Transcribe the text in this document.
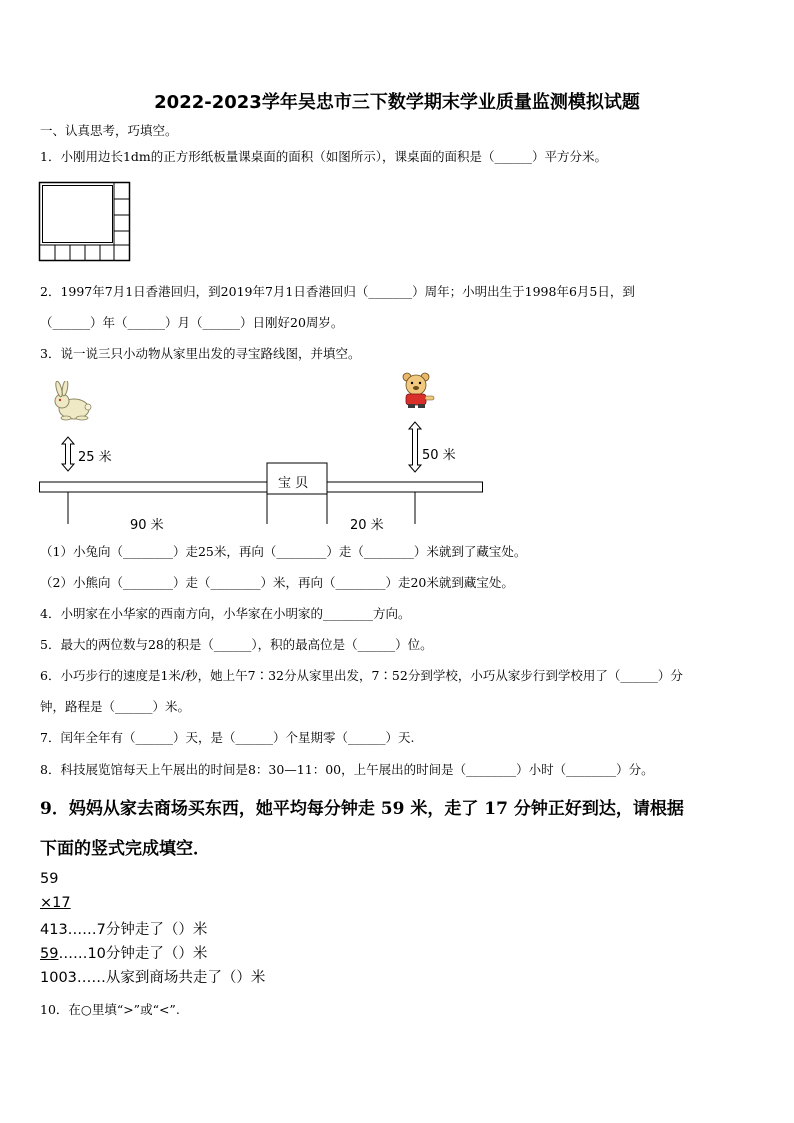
2022-2023学年吴忠市三下数学期末学业质量监测模拟试题
一、认真思考，巧填空。
1．小刚用边长1dm的正方形纸板量课桌面的面积（如图所示），课桌面的面积是（______）平方分米。
2．1997年7月1日香港回归，到2019年7月1日香港回归（_______）周年；小明出生于1998年6月5日，到
（______）年（______）月（______）日刚好20周岁。
3．说一说三只小动物从家里出发的寻宝路线图，并填空。
25 米	50 米
宝 贝
90 米	20 米
（1）小兔向（________）走25米，再向（________）走（________）米就到了藏宝处。
（2）小熊向（________）走（________）米，再向（________）走20米就到藏宝处。
4．小明家在小华家的西南方向，小华家在小明家的________方向。
5．最大的两位数与28的积是（______），积的最高位是（______）位。
6．小巧步行的速度是1米/秒，她上午7∶32分从家里出发，7∶52分到学校，小巧从家步行到学校用了（______）分
钟，路程是（______）米。
7．闰年全年有（______）天，是（______）个星期零（______）天.
8．科技展览馆每天上午展出的时间是8：30—11：00，上午展出的时间是（________）小时（________）分。
9．妈妈从家去商场买东西，她平均每分钟走 59 米，走了 17 分钟正好到达，请根据
下面的竖式完成填空．
59
×17
413……7分钟走了（）米
59……10分钟走了（）米
1003……从家到商场共走了（）米
10．在○里填“>”或“<”.
